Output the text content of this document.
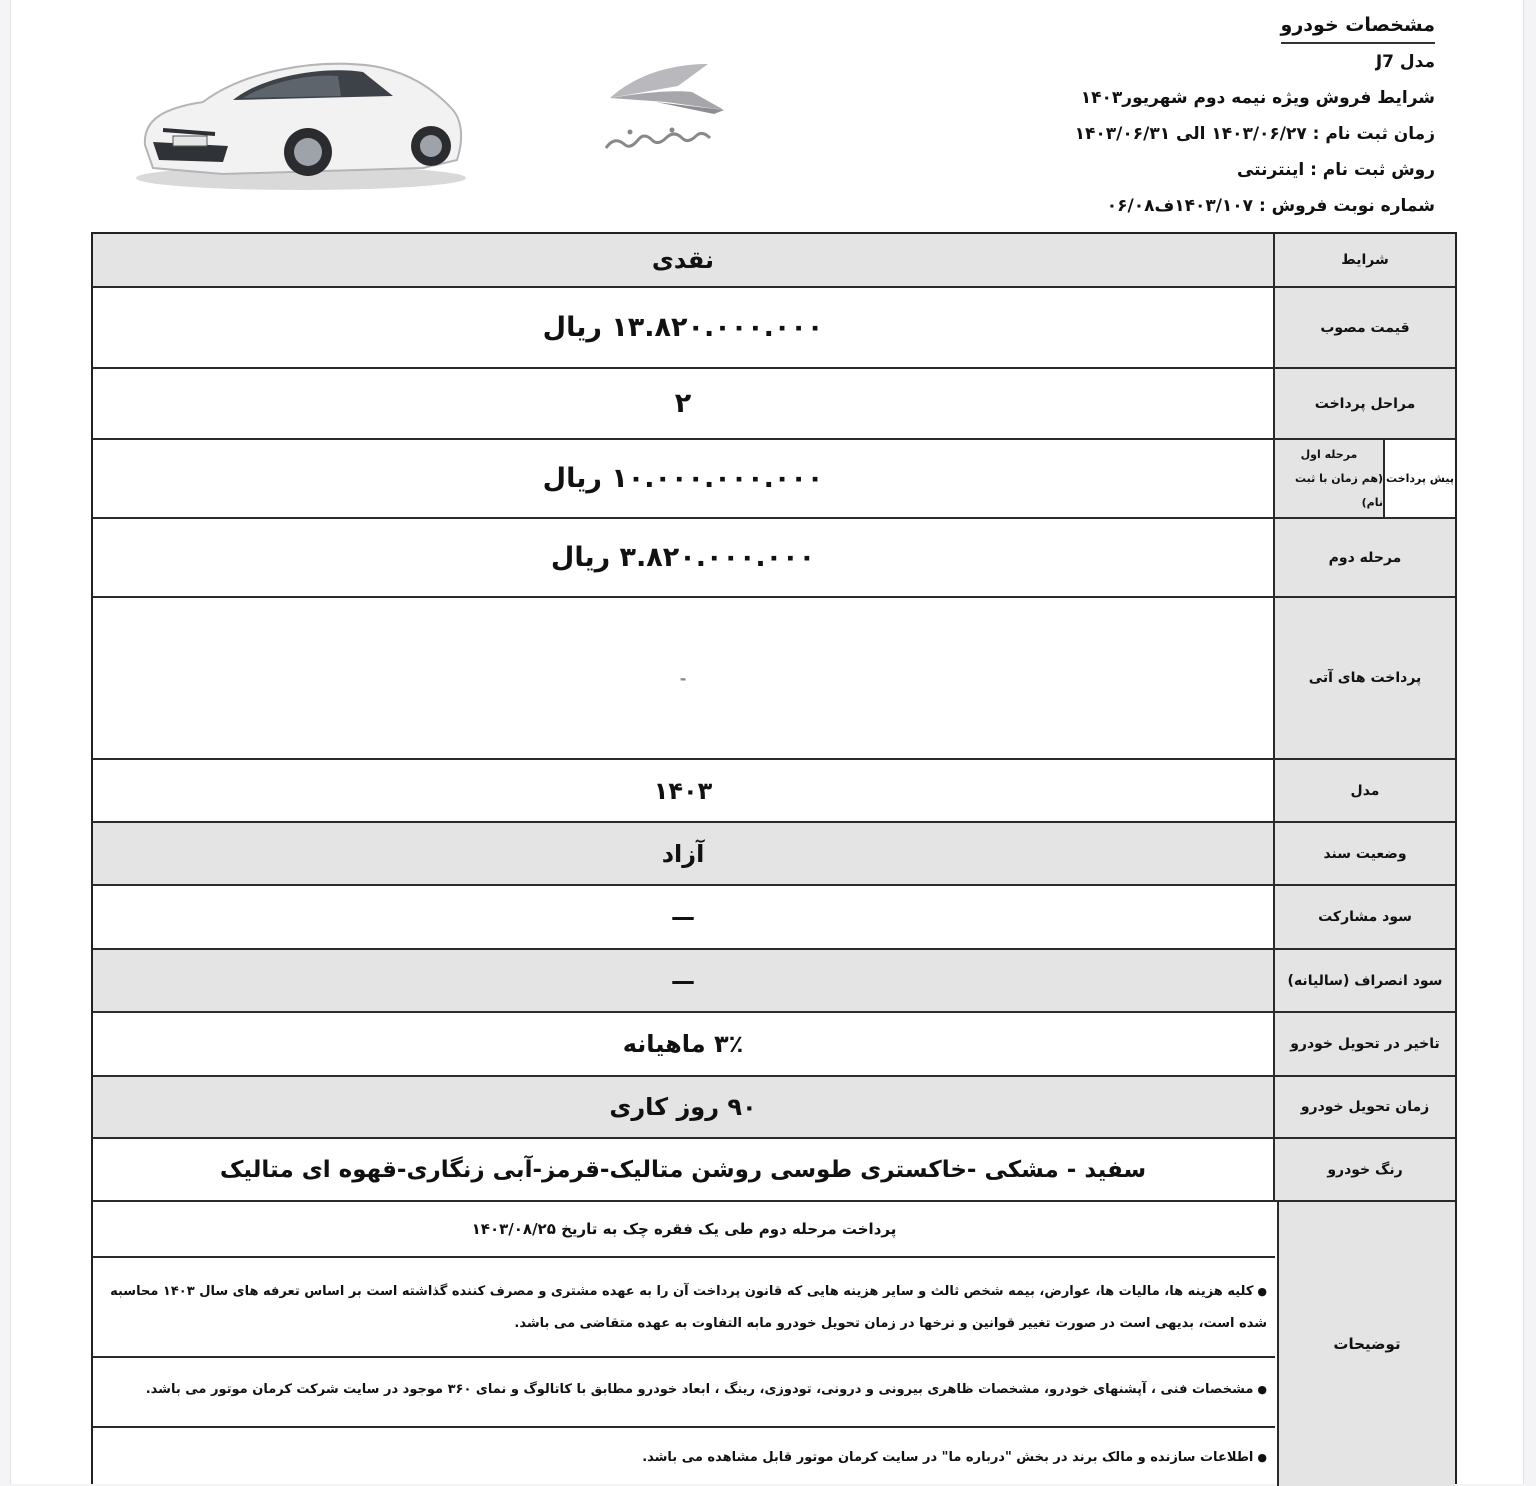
مشخصات خودرو
مدل J7
شرایط فروش ویژه نیمه دوم شهریور۱۴۰۳
زمان ثبت نام : ۱۴۰۳/۰۶/۲۷ الی ۱۴۰۳/۰۶/۳۱
روش ثبت نام : اینترنتی
شماره نوبت فروش : ۱۴۰۳/۱۰۷ف۰۶/۰۸
نقدی	شرایط
۱۳.۸۲۰.۰۰۰.۰۰۰ ریال	قیمت مصوب
۲	مراحل پرداخت
۱۰.۰۰۰.۰۰۰.۰۰۰ ریال	پیش پرداخت
مرحله اول
(هم زمان با ثبت نام)
۳.۸۲۰.۰۰۰.۰۰۰ ریال	مرحله دوم
-	پرداخت های آتی
۱۴۰۳	مدل
آزاد	وضعیت سند
—	سود مشارکت
—	سود انصراف (سالیانه)
۳٪ ماهیانه	تاخیر در تحویل خودرو
۹۰ روز کاری	زمان تحویل خودرو
سفید - مشکی -خاکستری طوسی روشن متالیک-قرمز-آبی زنگاری-قهوه ای متالیک	رنگ خودرو
توضیحات
پرداخت مرحله دوم طی یک فقره چک به تاریخ ۱۴۰۳/۰۸/۲۵
●کلیه هزینه ها، مالیات ها، عوارض، بیمه شخص ثالث و سایر هزینه هایی که قانون پرداخت آن را به عهده مشتری و مصرف کننده گذاشته است بر اساس تعرفه های سال ۱۴۰۳ محاسبه شده است، بدیهی است در صورت تغییر قوانین و نرخها در زمان تحویل خودرو مابه التفاوت به عهده متقاضی می باشد.
●
مشخصات فنی ، آپشنهای خودرو، مشخصات ظاهری بیرونی و درونی، تودوزی، رینگ ، ابعاد خودرو مطابق با کاتالوگ و نمای ۳۶۰ موجود در سایت شرکت کرمان موتور می باشد.
●
اطلاعات سازنده و مالک برند در بخش "درباره ما" در سایت کرمان موتور قابل مشاهده می باشد.
